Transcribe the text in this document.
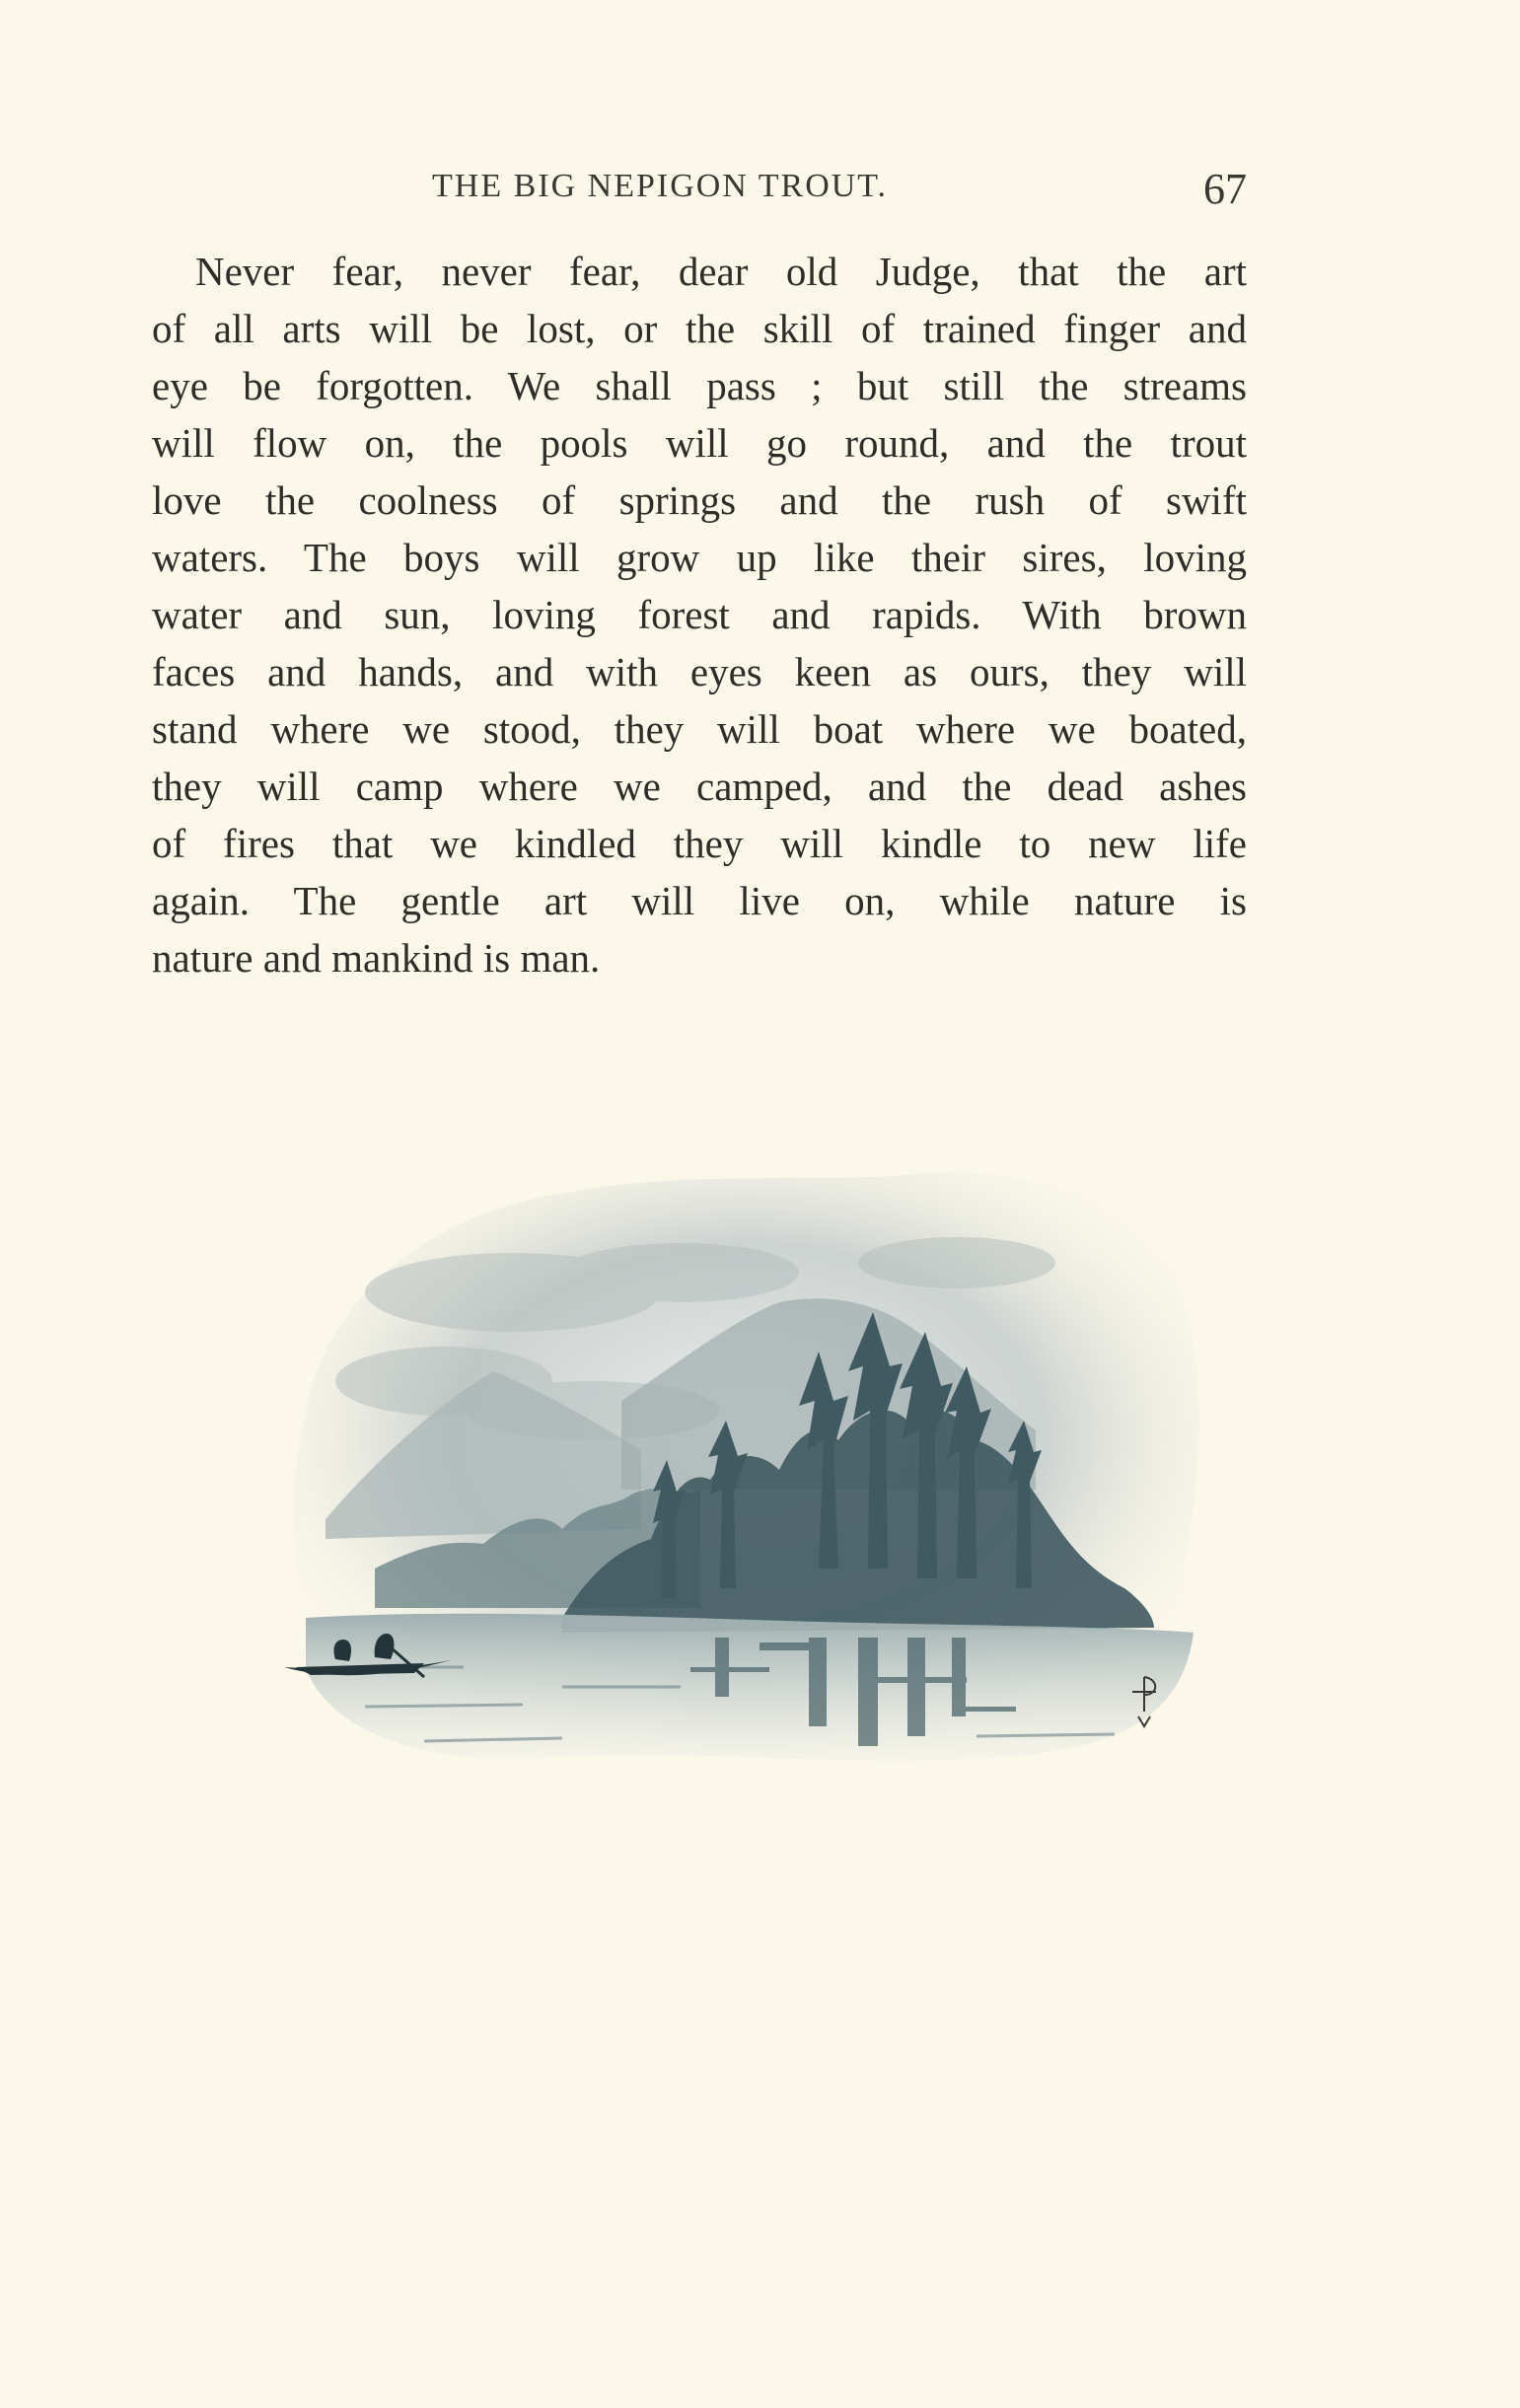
THE BIG NEPIGON TROUT.	67
Never fear, never fear, dear old Judge, that the art
of all arts will be lost, or the skill of trained finger and
eye be forgotten. We shall pass ; but still the streams
will flow on, the pools will go round, and the trout
love the coolness of springs and the rush of swift
waters. The boys will grow up like their sires, loving
water and sun, loving forest and rapids. With brown
faces and hands, and with eyes keen as ours, they will
stand where we stood, they will boat where we boated,
they will camp where we camped, and the dead ashes
of fires that we kindled they will kindle to new life
again. The gentle art will live on, while nature is
nature and mankind is man.
